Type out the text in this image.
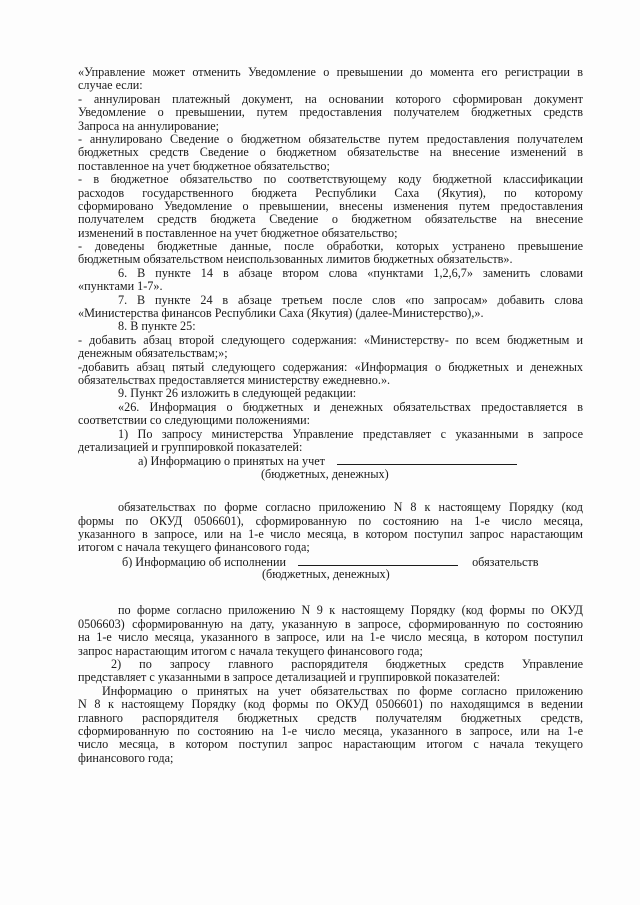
«Управление может отменить Уведомление о превышении до момента его регистрации в
случае если:
- аннулирован платежный документ, на основании которого сформирован документ
Уведомление о превышении, путем предоставления получателем бюджетных средств
Запроса на аннулирование;
- аннулировано Сведение о бюджетном обязательстве путем предоставления получателем
бюджетных средств Сведение о бюджетном обязательстве на внесение изменений в
поставленное на учет бюджетное обязательство;
- в бюджетное обязательство по соответствующему коду бюджетной классификации
расходов государственного бюджета Республики Саха (Якутия), по которому
сформировано Уведомление о превышении, внесены изменения путем предоставления
получателем средств бюджета Сведение о бюджетном обязательстве на внесение
изменений в поставленное на учет бюджетное обязательство;
- доведены бюджетные данные, после обработки, которых устранено превышение
бюджетным обязательством неиспользованных лимитов бюджетных обязательств».
6. В пункте 14 в абзаце втором слова «пунктами 1,2,6,7» заменить словами
«пунктами 1-7».
7. В пункте 24 в абзаце третьем после слов «по запросам» добавить слова
«Министерства финансов Республики Саха (Якутия) (далее-Министерство),».
8. В пункте 25:
- добавить абзац второй следующего содержания: «Министерству- по всем бюджетным и
денежным обязательствам;»;
-добавить абзац пятый следующего содержания: «Информация о бюджетных и денежных
обязательствах предоставляется министерству ежедневно.».
9. Пункт 26 изложить в следующей редакции:
«26. Информация о бюджетных и денежных обязательствах предоставляется в
соответствии со следующими положениями:
1) По запросу министерства Управление представляет с указанными в запросе
детализацией и группировкой показателей:
а) Информацию о принятых на учет
(бюджетных, денежных)
обязательствах по форме согласно приложению N 8 к настоящему Порядку (код
формы по ОКУД 0506601), сформированную по состоянию на 1-е число месяца,
указанного в запросе, или на 1-е число месяца, в котором поступил запрос нарастающим
итогом с начала текущего финансового года;
б) Информацию об исполнении	обязательств
(бюджетных, денежных)
по форме согласно приложению N 9 к настоящему Порядку (код формы по ОКУД
0506603) сформированную на дату, указанную в запросе, сформированную по состоянию
на 1-е число месяца, указанного в запросе, или на 1-е число месяца, в котором поступил
запрос нарастающим итогом с начала текущего финансового года;
2) по запросу главного распорядителя бюджетных средств Управление
представляет с указанными в запросе детализацией и группировкой показателей:
Информацию о принятых на учет обязательствах по форме согласно приложению
N 8 к настоящему Порядку (код формы по ОКУД 0506601) по находящимся в ведении
главного распорядителя бюджетных средств получателям бюджетных средств,
сформированную по состоянию на 1-е число месяца, указанного в запросе, или на 1-е
число месяца, в котором поступил запрос нарастающим итогом с начала текущего
финансового года;
